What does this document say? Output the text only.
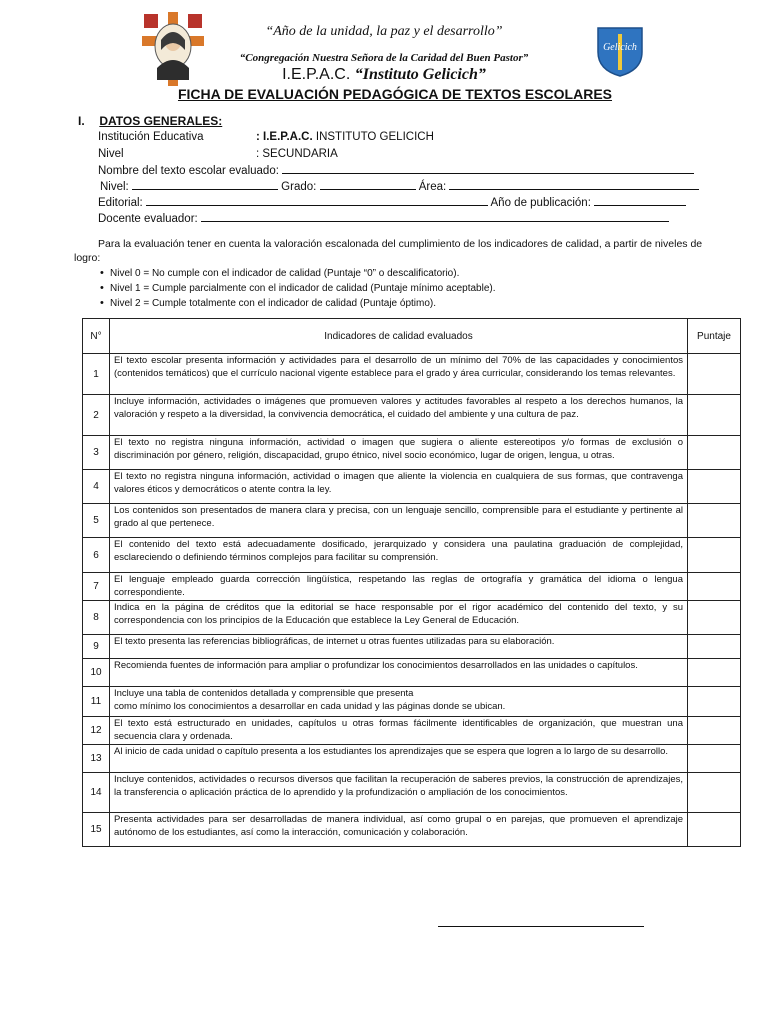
Gelicich
“Año de la unidad, la paz y el desarrollo”
“Congregación Nuestra Señora de la Caridad del Buen Pastor”
I.E.P.A.C. “Instituto Gelicich”
FICHA DE EVALUACIÓN PEDAGÓGICA DE TEXTOS ESCOLARES
I. DATOS GENERALES:
Institución Educativa	: I.E.P.A.C. INSTITUTO GELICICH
Nivel	: SECUNDARIA
Nombre del texto escolar evaluado:
Nivel:	Grado:	Área:
Editorial:	Año de publicación:
Docente evaluador:
Para la evaluación tener en cuenta la valoración escalonada del cumplimiento de los indicadores de calidad, a partir de niveles de logro:
• Nivel 0 = No cumple con el indicador de calidad (Puntaje “0” o descalificatorio).
• Nivel 1 = Cumple parcialmente con el indicador de calidad (Puntaje mínimo aceptable).
• Nivel 2 = Cumple totalmente con el indicador de calidad (Puntaje óptimo).
N°	Indicadores de calidad evaluados	Puntaje
1	El texto escolar presenta información y actividades para el desarrollo de un mínimo del 70% de las capacidades y conocimientos (contenidos temáticos) que el currículo nacional vigente establece para el grado y área curricular, considerando los temas relevantes.	
2	Incluye información, actividades o imágenes que promueven valores y actitudes favorables al respeto a los derechos humanos, la valoración y respeto a la diversidad, la convivencia democrática, el cuidado del ambiente y una cultura de paz.	
3	El texto no registra ninguna información, actividad o imagen que sugiera o aliente estereotipos y/o formas de exclusión o discriminación por género, religión, discapacidad, grupo étnico, nivel socio económico, lugar de origen, lengua, u otras.	
4	El texto no registra ninguna información, actividad o imagen que aliente la violencia en cualquiera de sus formas, que contravenga valores éticos y democráticos o atente contra la ley.	
5	Los contenidos son presentados de manera clara y precisa, con un lenguaje sencillo, comprensible para el estudiante y pertinente al grado al que pertenece.	
6	El contenido del texto está adecuadamente dosificado, jerarquizado y considera una paulatina graduación de complejidad, esclareciendo o definiendo términos complejos para facilitar su comprensión.	
7	El lenguaje empleado guarda corrección lingüística, respetando las reglas de ortografía y gramática del idioma o lengua correspondiente.	
8	Indica en la página de créditos que la editorial se hace responsable por el rigor académico del contenido del texto, y su correspondencia con los principios de la Educación que establece la Ley General de Educación.	
9	El texto presenta las referencias bibliográficas, de internet u otras fuentes utilizadas para su elaboración.	
10	Recomienda fuentes de información para ampliar o profundizar los conocimientos desarrollados en las unidades o capítulos.	
11	Incluye una tabla de contenidos detallada y comprensible que presenta
como mínimo los conocimientos a desarrollar en cada unidad y las páginas donde se ubican.	
12	El texto está estructurado en unidades, capítulos u otras formas fácilmente identificables de organización, que muestran una secuencia clara y ordenada.	
13	Al inicio de cada unidad o capítulo presenta a los estudiantes los aprendizajes que se espera que logren a lo largo de su desarrollo.	
14	Incluye contenidos, actividades o recursos diversos que facilitan la recuperación de saberes previos, la construcción de aprendizajes, la transferencia o aplicación práctica de lo aprendido y la profundización o ampliación de los conocimientos.	
15	Presenta actividades para ser desarrolladas de manera individual, así como grupal o en parejas, que promueven el aprendizaje autónomo de los estudiantes, así como la interacción, comunicación y colaboración.	
